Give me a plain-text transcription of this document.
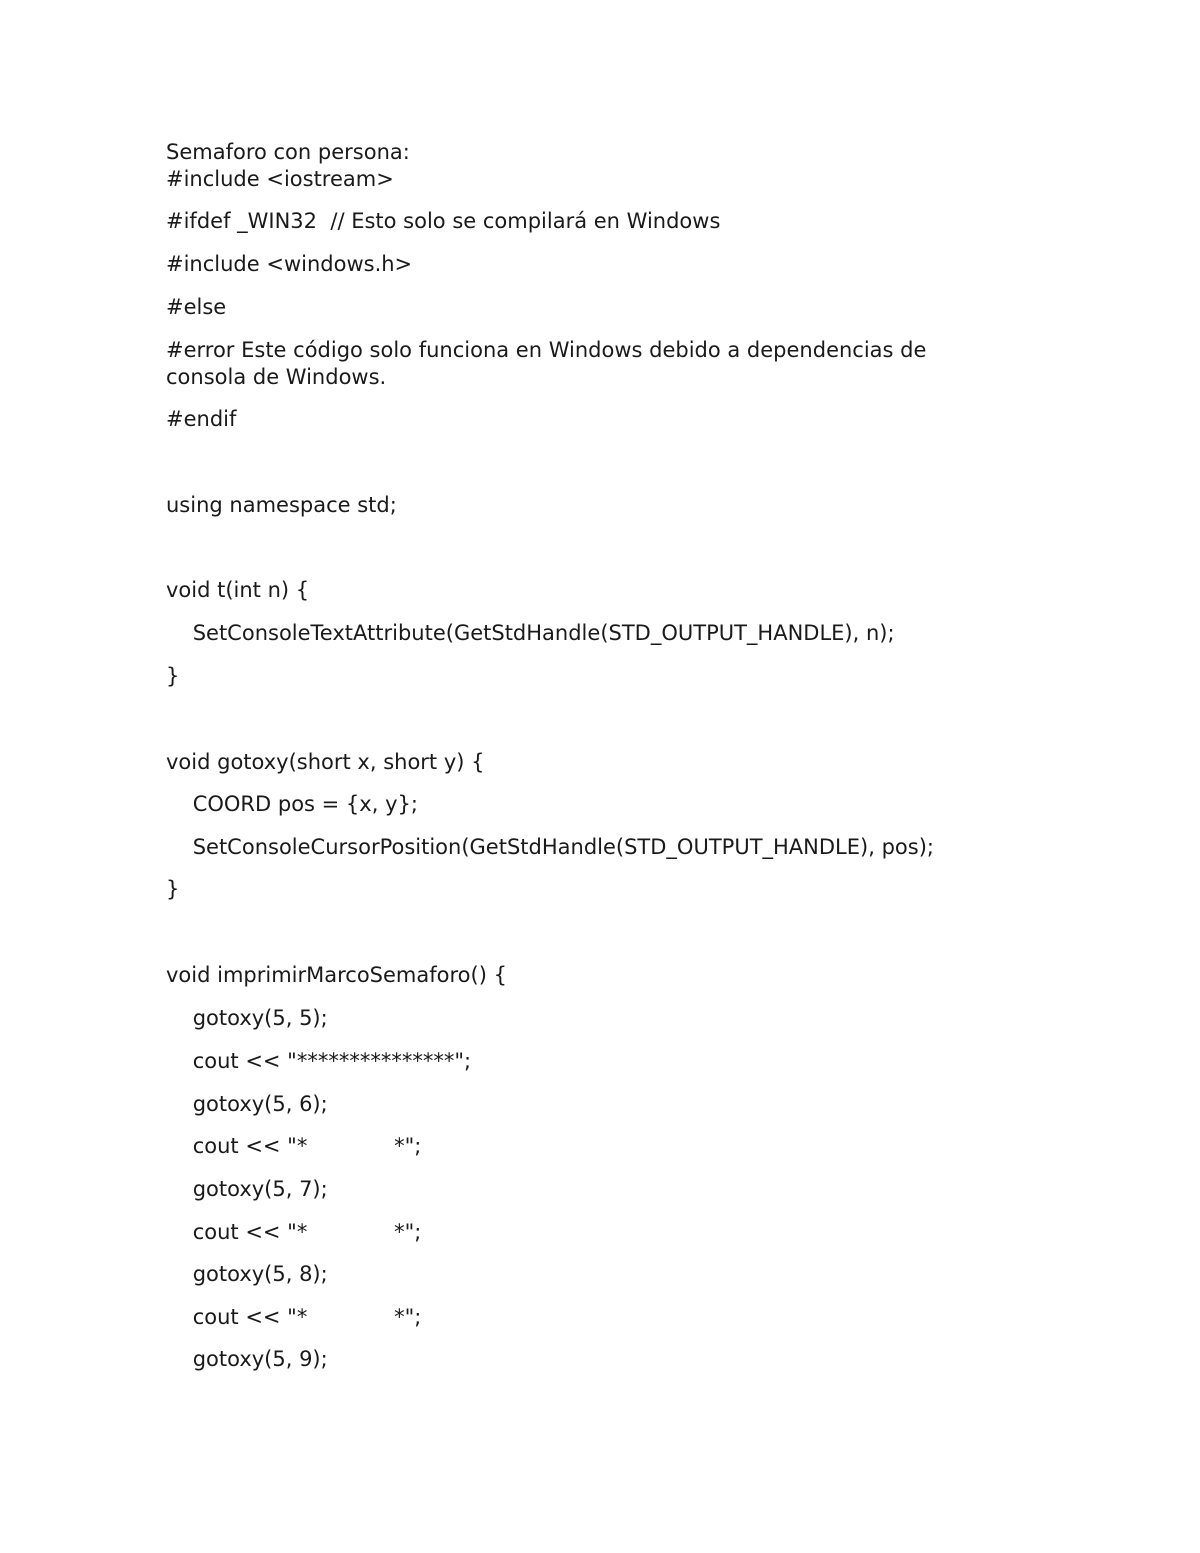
Semaforo con persona:

#include <iostream>

#ifdef _WIN32  // Esto solo se compilará en Windows

#include <windows.h>

#else

#error Este código solo funciona en Windows debido a dependencias de

consola de Windows.

#endif

using namespace std;

void t(int n) {

SetConsoleTextAttribute(GetStdHandle(STD_OUTPUT_HANDLE), n);

}

void gotoxy(short x, short y) {

COORD pos = {x, y};

SetConsoleCursorPosition(GetStdHandle(STD_OUTPUT_HANDLE), pos);

}

void imprimirMarcoSemaforo() {

gotoxy(5, 5);

cout << "***************";

gotoxy(5, 6);

cout << "*             *";

gotoxy(5, 7);

cout << "*             *";

gotoxy(5, 8);

cout << "*             *";

gotoxy(5, 9);
